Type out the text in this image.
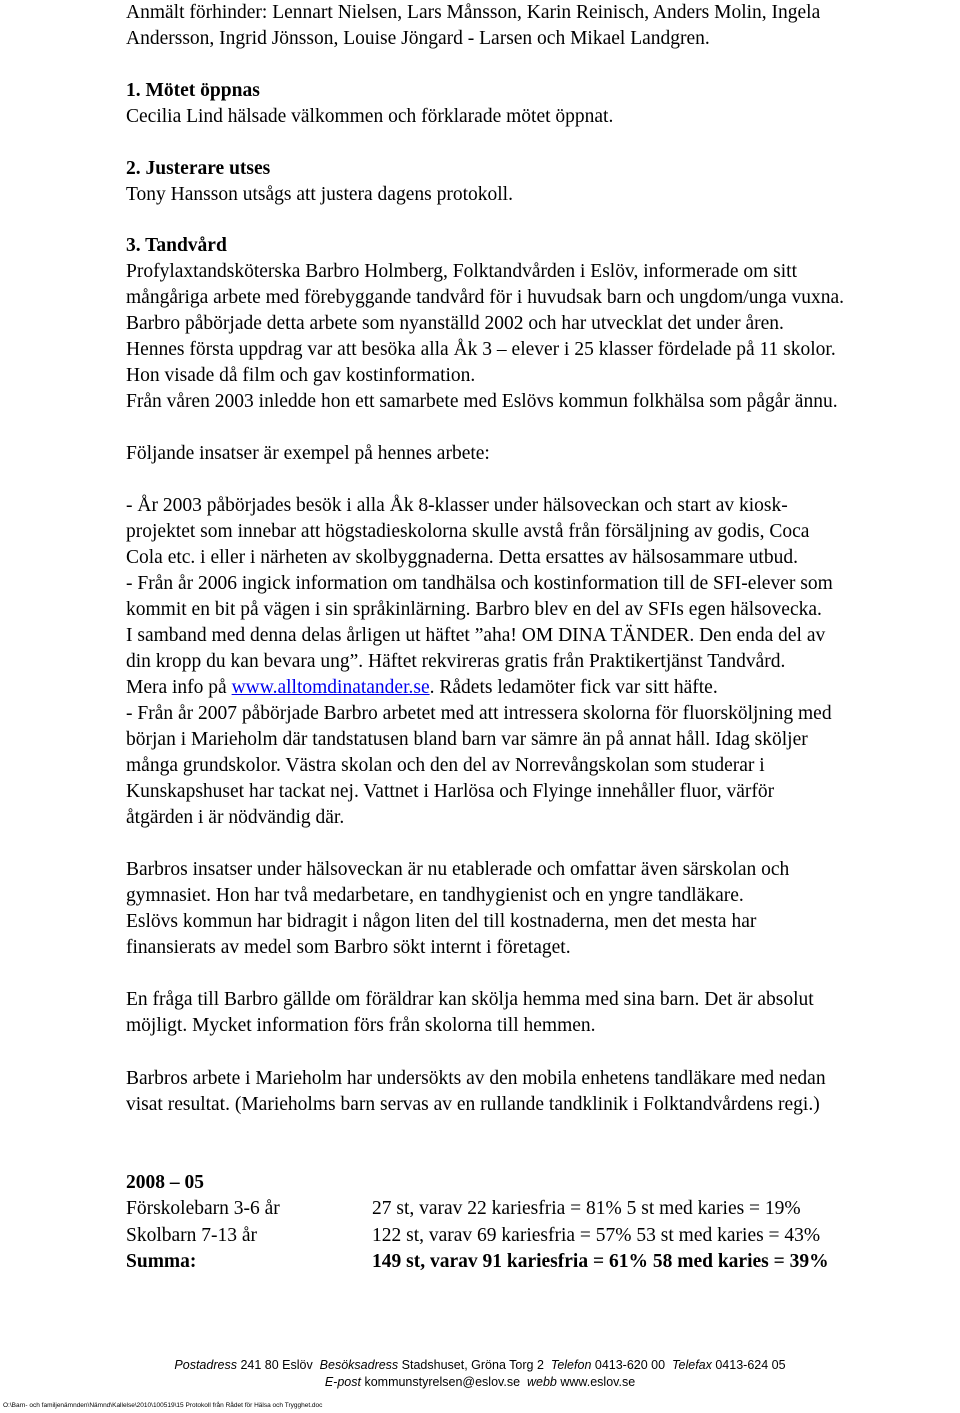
Anmält förhinder: Lennart Nielsen, Lars Månsson, Karin Reinisch, Anders Molin, Ingela

Andersson, Ingrid Jönsson, Louise Jöngard - Larsen och Mikael Landgren.

1. Mötet öppnas

Cecilia Lind hälsade välkommen och förklarade mötet öppnat.

2. Justerare utses

Tony Hansson utsågs att justera dagens protokoll.

3. Tandvård

Profylaxtandsköterska Barbro Holmberg, Folktandvården i Eslöv, informerade om sitt

mångåriga arbete med förebyggande tandvård för i huvudsak barn och ungdom/unga vuxna.

Barbro påbörjade detta arbete som nyanställd 2002 och har utvecklat det under åren.

Hennes första uppdrag var att besöka alla Åk 3 – elever i 25 klasser fördelade på 11 skolor.

Hon visade då film och gav kostinformation.

Från våren 2003 inledde hon ett samarbete med Eslövs kommun folkhälsa som pågår ännu.

Följande insatser är exempel på hennes arbete:

- År 2003 påbörjades besök i alla Åk 8-klasser under hälsoveckan och start av kiosk-

projektet som innebar att högstadieskolorna skulle avstå från försäljning av godis, Coca

Cola etc. i eller i närheten av skolbyggnaderna. Detta ersattes av hälsosammare utbud.

- Från år 2006 ingick information om tandhälsa och kostinformation till de SFI-elever som

kommit en bit på vägen i sin språkinlärning. Barbro blev en del av SFIs egen hälsovecka.

I samband med denna delas årligen ut häftet ”aha! OM DINA TÄNDER. Den enda del av

din kropp du kan bevara ung”. Häftet rekvireras gratis från Praktikertjänst Tandvård.

Mera info på www.alltomdinatander.se. Rådets ledamöter fick var sitt häfte.

- Från år 2007 påbörjade Barbro arbetet med att intressera skolorna för fluorsköljning med

början i Marieholm där tandstatusen bland barn var sämre än på annat håll. Idag sköljer

många grundskolor. Västra skolan och den del av Norrevångskolan som studerar i

Kunskapshuset har tackat nej. Vattnet i Harlösa och Flyinge innehåller fluor, värför

åtgärden i är nödvändig där.

Barbros insatser under hälsoveckan är nu etablerade och omfattar även särskolan och

gymnasiet. Hon har två medarbetare, en tandhygienist och en yngre tandläkare.

Eslövs kommun har bidragit i någon liten del till kostnaderna, men det mesta har

finansierats av medel som Barbro sökt internt i företaget.

En fråga till Barbro gällde om föräldrar kan skölja hemma med sina barn. Det är absolut

möjligt. Mycket information förs från skolorna till hemmen.

Barbros arbete i Marieholm har undersökts av den mobila enhetens tandläkare med nedan

visat resultat. (Marieholms barn servas av en rullande tandklinik i Folktandvårdens regi.)

2008 – 05

Förskolebarn 3-6 år	27 st, varav 22 kariesfria = 81% 5 st med karies = 19%
Skolbarn 7-13 år	122 st, varav 69 kariesfria = 57% 53 st med karies = 43%
Summa:	149 st, varav 91 kariesfria = 61% 58 med karies = 39%
Postadress 241 80 Eslöv Besöksadress Stadshuset, Gröna Torg 2 Telefon 0413-620 00 Telefax 0413-624 05
E-post kommunstyrelsen@eslov.se webb www.eslov.se
O:\Barn- och familjenämnden\Nämnd\Kallelse\2010\100519\15 Protokoll från Rådet för Hälsa och Trygghet.doc
